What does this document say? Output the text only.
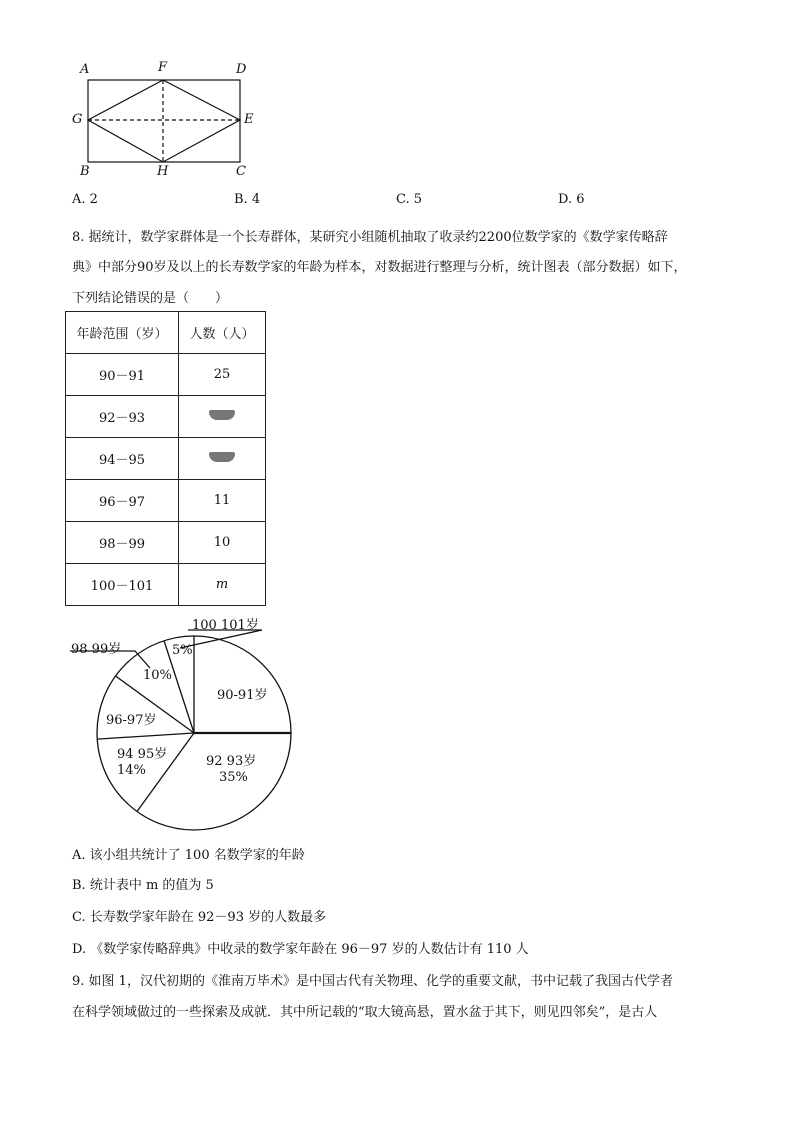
A	F	D
G	E
B	H	C
A. 2	B. 4	C. 5	D. 6
8. 据统计，数学家群体是一个长寿群体，某研究小组随机抽取了收录约2200位数学家的《数学家传略辞
典》中部分90岁及以上的长寿数学家的年龄为样本，对数据进行整理与分析，统计图表（部分数据）如下，
下列结论错误的是（　　）
年龄范围（岁）	人数（人）
90－91	25
92－93	
94－95	
96－97	11
98－99	10
100－101	m
90-91岁
92 93岁
35%
94 95岁
14%
96-97岁
98 99岁
10%
100 101岁
5%
A. 该小组共统计了 100 名数学家的年龄
B. 统计表中 m 的值为 5
C. 长寿数学家年龄在 92－93 岁的人数最多
D. 《数学家传略辞典》中收录的数学家年龄在 96－97 岁的人数估计有 110 人
9. 如图 1，汉代初期的《淮南万毕术》是中国古代有关物理、化学的重要文献，书中记载了我国古代学者
在科学领域做过的一些探索及成就．其中所记载的“取大镜高悬，置水盆于其下，则见四邻矣”，是古人
